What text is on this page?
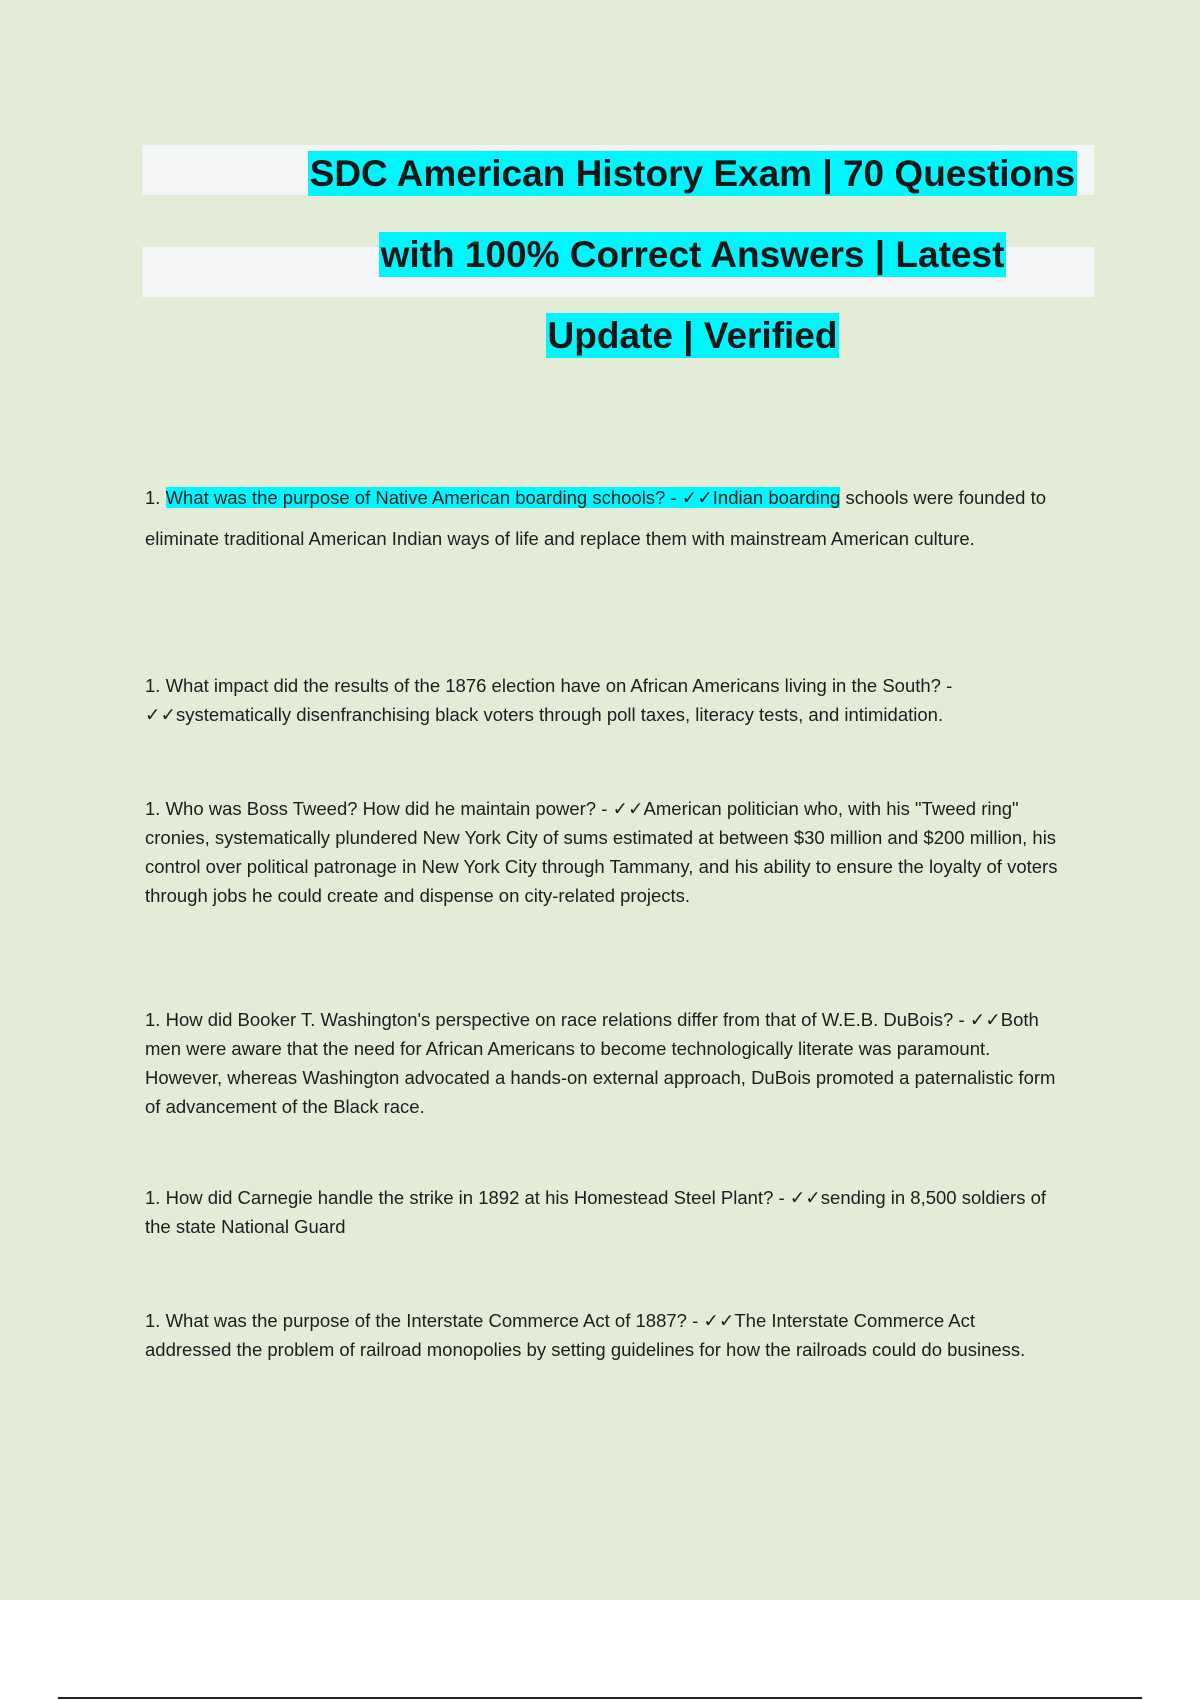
SDC American History Exam | 70 Questions
with 100% Correct Answers | Latest
Update | Verified
1. What was the purpose of Native American boarding schools? - ✓✓Indian boarding schools were founded to eliminate traditional American Indian ways of life and replace them with mainstream American culture.
1. What impact did the results of the 1876 election have on African Americans living in the South? - ✓✓systematically disenfranchising black voters through poll taxes, literacy tests, and intimidation.
1. Who was Boss Tweed? How did he maintain power? - ✓✓American politician who, with his "Tweed ring" cronies, systematically plundered New York City of sums estimated at between $30 million and $200 million, his control over political patronage in New York City through Tammany, and his ability to ensure the loyalty of voters through jobs he could create and dispense on city-related projects.
1. How did Booker T. Washington's perspective on race relations differ from that of W.E.B. DuBois? - ✓✓Both men were aware that the need for African Americans to become technologically literate was paramount. However, whereas Washington advocated a hands-on external approach, DuBois promoted a paternalistic form of advancement of the Black race.
1. How did Carnegie handle the strike in 1892 at his Homestead Steel Plant? - ✓✓sending in 8,500 soldiers of the state National Guard
1. What was the purpose of the Interstate Commerce Act of 1887? - ✓✓The Interstate Commerce Act addressed the problem of railroad monopolies by setting guidelines for how the railroads could do business.
